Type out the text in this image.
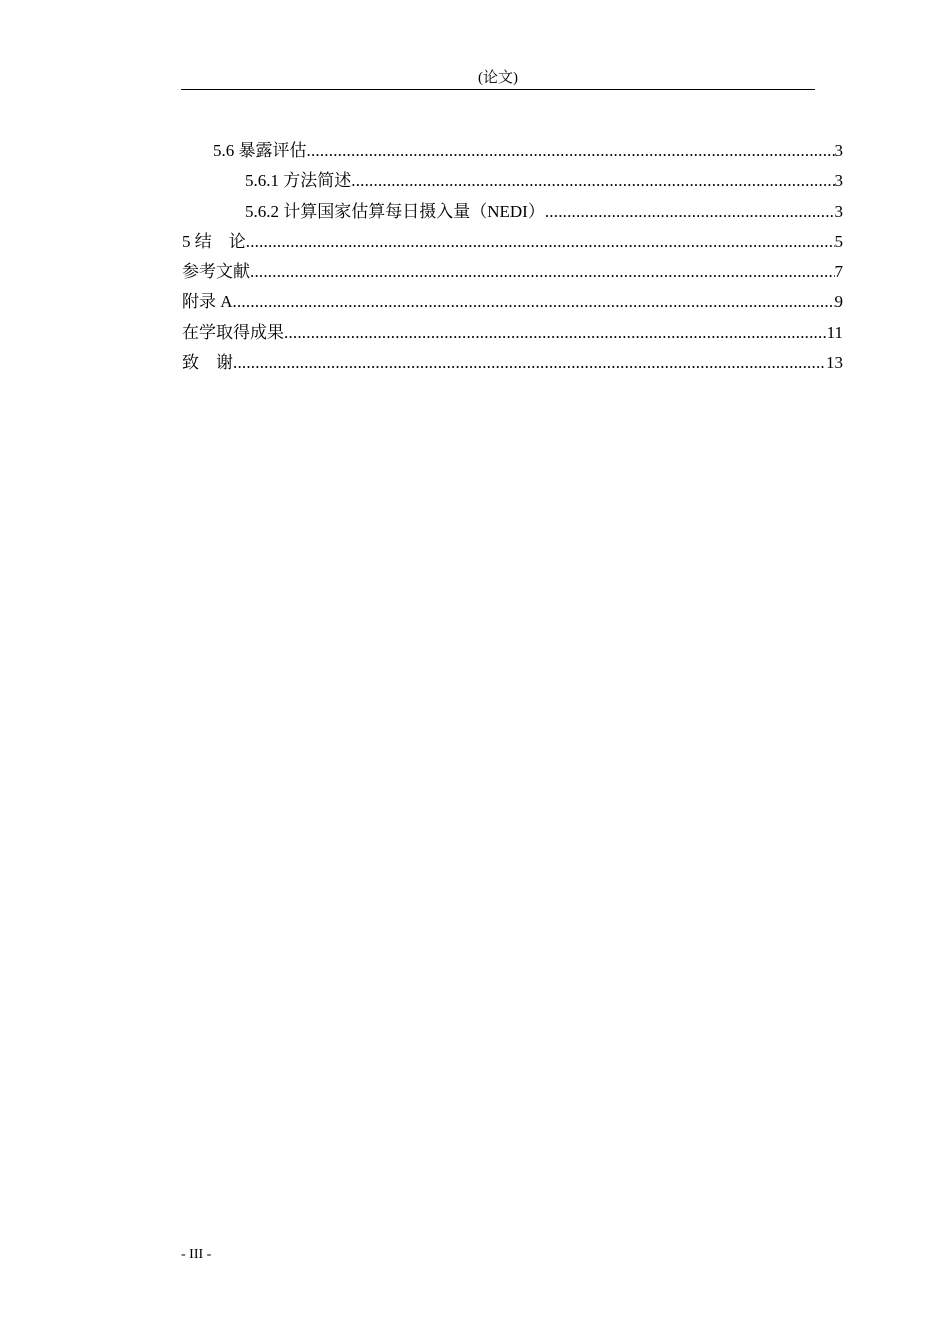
(论文)
5.6 暴露评估 .....	3
5.6.1 方法简述 .....	3
5.6.2 计算国家估算每日摄入量（NEDI） .....	3
5 结　论 .....	5
参考文献 .....	7
附录 A .....	9
在学取得成果 .....	11
致　谢 .....	13
- III -
